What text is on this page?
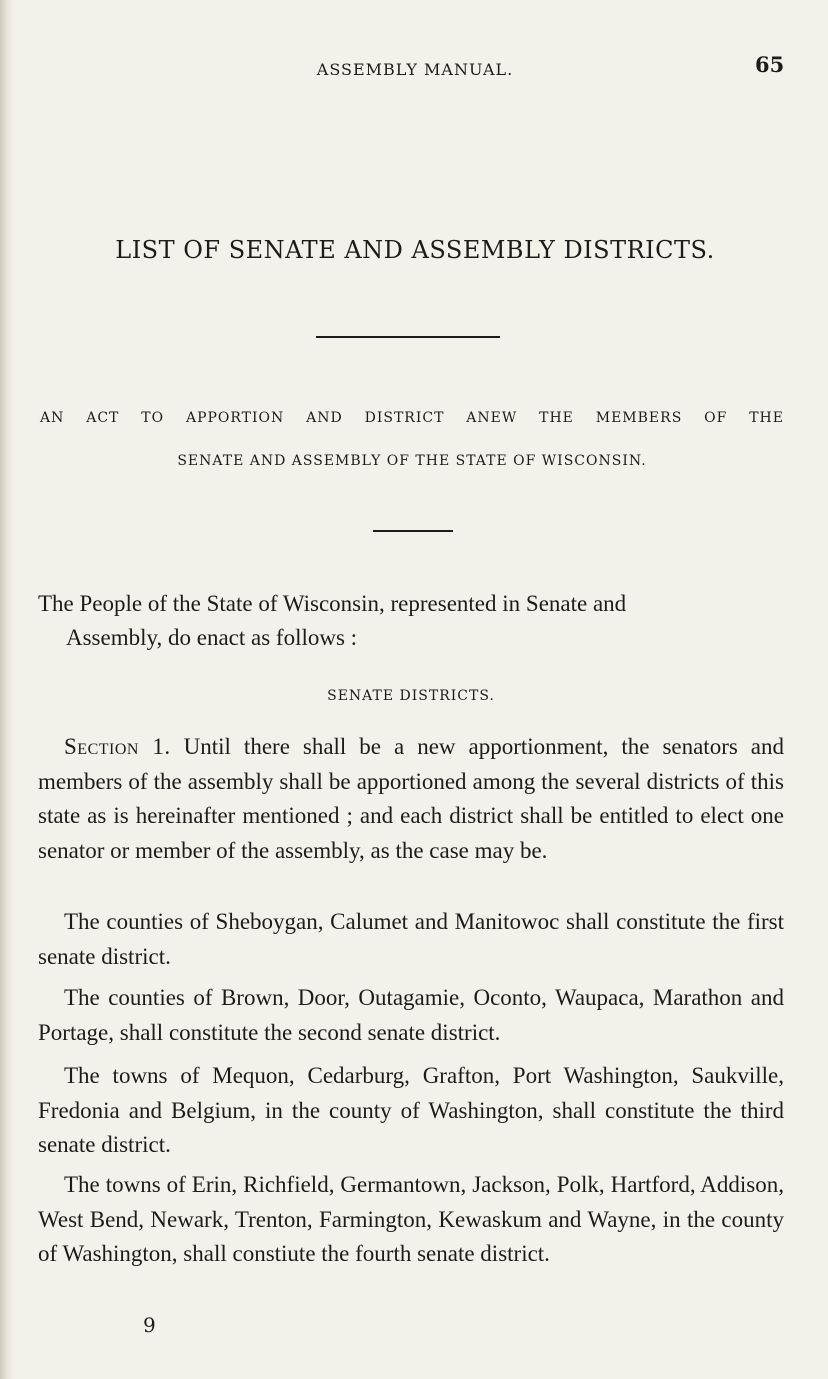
ASSEMBLY MANUAL.	65
LIST OF SENATE AND ASSEMBLY DISTRICTS.
AN ACT TO APPORTION AND DISTRICT ANEW THE MEMBERS OF THE
SENATE AND ASSEMBLY OF THE STATE OF WISCONSIN.
The People of the State of Wisconsin, represented in Senate and
Assembly, do enact as follows :
SENATE DISTRICTS.
Section 1. Until there shall be a new apportionment, the senators and members of the assembly shall be apportioned among the several districts of this state as is hereinafter mentioned ; and each district shall be entitled to elect one senator or member of the assembly, as the case may be.
The counties of Sheboygan, Calumet and Manitowoc shall constitute the first senate district.
The counties of Brown, Door, Outagamie, Oconto, Waupaca, Marathon and Portage, shall constitute the second senate district.
The towns of Mequon, Cedarburg, Grafton, Port Washington, Saukville, Fredonia and Belgium, in the county of Washington, shall constitute the third senate district.
The towns of Erin, Richfield, Germantown, Jackson, Polk, Hartford, Addison, West Bend, Newark, Trenton, Farmington, Kewaskum and Wayne, in the county of Washington, shall constiute the fourth senate district.
9
